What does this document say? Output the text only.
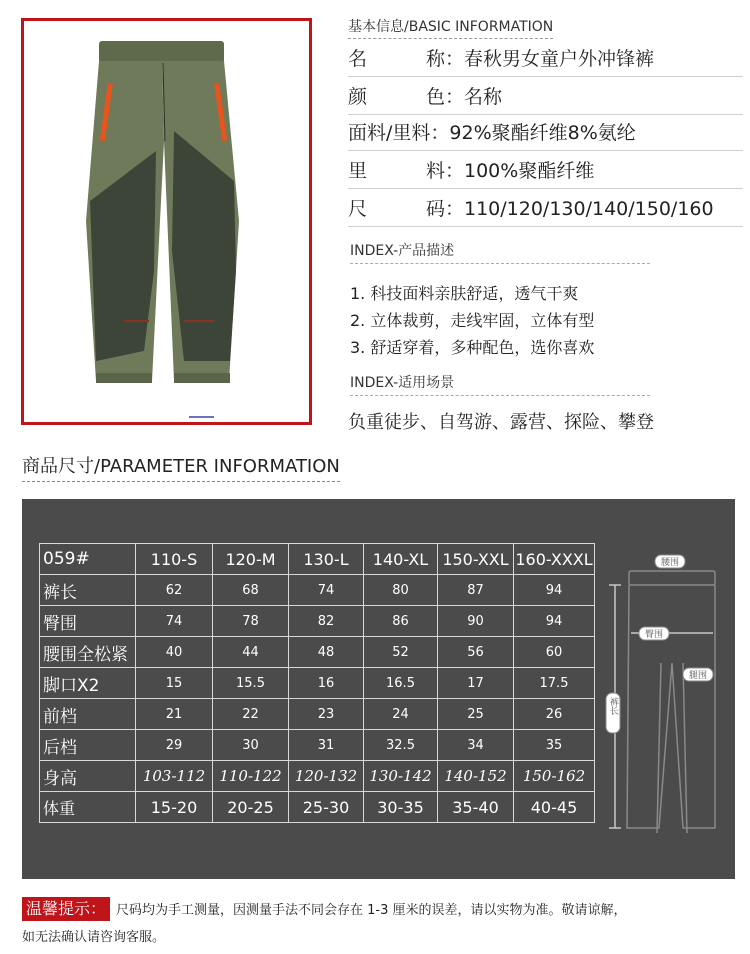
基本信息/BASIC INFORMATION
名	称：春秋男女童户外冲锋裤
颜	色：名称
面料/里料：92%聚酯纤维8%氨纶
里	料：100%聚酯纤维
尺	码：110/120/130/140/150/160
INDEX-产品描述
1. 科技面料亲肤舒适，透气干爽
2. 立体裁剪，走线牢固，立体有型
3. 舒适穿着，多种配色，选你喜欢
INDEX-适用场景
负重徒步、自驾游、露营、探险、攀登
商品尺寸/PARAMETER INFORMATION
059#	110-S	120-M	130-L	140-XL	150-XXL	160-XXXL
裤长	62	68	74	80	87	94
臀围	74	78	82	86	90	94
腰围全松紧	40	44	48	52	56	60
脚口X2	15	15.5	16	16.5	17	17.5
前档	21	22	23	24	25	26
后档	29	30	31	32.5	34	35
身高	103-112	110-122	120-132	130-142	140-152	150-162
体重	15-20	20-25	25-30	30-35	35-40	40-45
腰围
臀围
腿围
裤长
温馨提示： 尺码均为手工测量，因测量手法不同会存在 1-3 厘米的误差，请以实物为准。敬请谅解，
如无法确认请咨询客服。
